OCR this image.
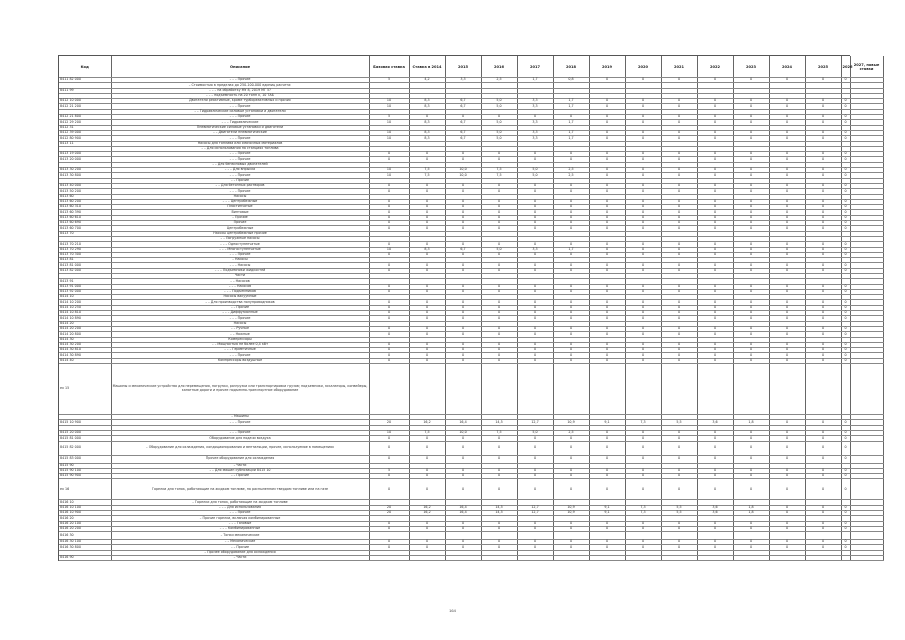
Код	Описание	Базовая ставка	Ставка в 2014	2015	2016	2017	2018	2019	2020	2021	2022	2023	2024	2025	2026	2027, новые ставки
8411 82 000	– – – Прочие	5	4,2	3,3	2,5	1,7	0,8	0	0	0	0	0	0	0	0	
	– Стоимостью в пределах до 250-100-000 единиц расчета:															
8411 99	– – – на обработку МУ 8, 2019 МГ 5?															
	– – – подъемность на 20 тонн к, 10 ТАБ															
8412 10 000	Двигатели реактивные, кроме турбореактивных и прочих	10	8,3	6,7	5,0	3,3	1,7	0	0	0	0	0	0	0	0	
8412 21 200	– – – Прочие	10	8,3	6,7	5,0	3,3	1,7	0	0	0	0	0	0	0	0	
	– – Гидравлические силовые установки и двигатели															
8412 21 800	– – – Прочие	5	0	0	0	0	0	0	0	0	0	0	0	0	0	
8412 29 200	– – – Гидравлические	10	8,3	6,7	5,0	3,3	1,7	0	0	0	0	0	0	0	0	
8412 31	Пневматические силовые установки и двигатели															
8412 39 000	– – Двигатели пневматические	10	8,3	6,7	5,0	3,3	1,7	0	0	0	0	0	0	0	0	
8412 80 900	– – – Прочие	10	8,3	6,7	5,0	3,3	1,7	0	0	0	0	0	0	0	0	
8413 11	Насосы для топлива или смазочных материалов															
	– – Для использования на станциях топлива															
8413 19 000	– – – Прочие	0	0	0	0	0	0	0	0	0	0	0	0	0	0	
8413 20 000	– – – Прочие	0	0	0	0	0	0	0	0	0	0	0	0	0	0	
	– – Для бензиновых двигателей															
8413 30 200	– – – Для впрыска	10	7,5	10,0	7,5	5,0	2,5	0	0	0	0	0	0	0	0	
8413 30 800	– – – Прочие	10	7,5	10,0	7,5	5,0	2,5	0	0	0	0	0	0	0	0	
	– – Прочие															
8413 40 000	– – Для бетонных растворов	0	0	0	0	0	0	0	0	0	0	0	0	0	0	
8413 50 200	– – – Прочие	0	0	0	0	0	0	0	0	0	0	0	0	0	0	
8413 60	Насосы															
8413 60 200	– – – Центробежные	0	0	0	0	0	0	0	0	0	0	0	0	0	0	
8413 60 310	Пластинчатые	0	0	0	0	0	0	0	0	0	0	0	0	0	0	
8413 60 390	Винтовые	0	0	0	0	0	0	0	0	0	0	0	0	0	0	
8413 60 610	– Прочие	0	0	0	0	0	0	0	0	0	0	0	0	0	0	
8413 60 690	Прочие	0	0	0	0	0	0	0	0	0	0	0	0	0	0	
8413 60 700	Центробежные	0	0	0	0	0	0	0	0	0	0	0	0	0	0	
8413 70	Насосы центробежные прочие															
	– – Погружные насосы															
8413 70 210	– – – Одноступенчатые	0	0	0	0	0	0	0	0	0	0	0	0	0	0	
8413 70 290	– – – Многоступенчатые	10	8,3	6,7	5,0	3,3	1,7	0	0	0	0	0	0	0	0	
8413 70 300	– – – Прочие	0	0	0	0	0	0	0	0	0	0	0	0	0	0	
8413 81	– Насосы															
8413 81 000	– – – Насосы	0	0	0	0	0	0	0	0	0	0	0	0	0	0	
8413 82 000	– – – Подъемники жидкостей	0	0	0	0	0	0	0	0	0	0	0	0	0	0	
	Части															
8413 91	– – Насосов															
8413 91 000	– – – Насосов	0	0	0	0	0	0	0	0	0	0	0	0	0	0	
8413 92 000	– – – Подъемников	0	0	0	0	0	0	0	0	0	0	0	0	0	0	
8414 10	Насосы вакуумные															
8414 10 200	– – Для производства полупроводников	0	0	0	0	0	0	0	0	0	0	0	0	0	0	
8414 10 250	– – Прочие	0	0	0	0	0	0	0	0	0	0	0	0	0	0	
8414 10 810	– – – Диффузионные	0	0	0	0	0	0	0	0	0	0	0	0	0	0	
8414 10 890	– – – Прочие	0	0	0	0	0	0	0	0	0	0	0	0	0	0	
8414 20	Насосы															
8414 20 200	– – Ручные	0	0	0	0	0	0	0	0	0	0	0	0	0	0	
8414 20 800	– – Ножные	0	0	0	0	0	0	0	0	0	0	0	0	0	0	
8414 30	Компрессоры															
8414 30 200	– – Мощностью не более 0,4 кВт	0	0	0	0	0	0	0	0	0	0	0	0	0	0	
8414 30 810	– – – Герметичные	0	0	0	0	0	0	0	0	0	0	0	0	0	0	
8414 30 890	– – – Прочие	0	0	0	0	0	0	0	0	0	0	0	0	0	0	
8414 40	Компрессоры воздушные	0	0	0	0	0	0	0	0	0	0	0	0	0	0	
ex 15	Машины и механические устройства для перемещения, погрузки, разгрузки или транспортировки грузов; подъемники, эскалаторы, конвейеры, канатные дороги и прочее подъемно-транспортное оборудование															
	– Машины															
8415 10 900	– – – Прочие	20	16,2	16,4	14,5	12,7	10,9	9,1	7,3	5,5	3,6	1,8	0	0	0	

8415 20 000	– – – Прочие	10	7,5	10,0	7,5	5,0	2,5	0	0	0	0	0	0	0	0	
8415 81 000	Оборудование для подачи воздуха	0	0	0	0	0	0	0	0	0	0	0	0	0	0	
8415 82 000	– Оборудование для охлаждения, кондиционирования и вентиляции, прочее, используемое в помещениях	0	0	0	0	0	0	0	0	0	0	0	0	0	0	
8415 83 000	Прочее оборудование для охлаждения	0	0	0	0	0	0	0	0	0	0	0	0	0	0	
8415 90	– Части															
8415 90 100	– – Для машин субпозиции 8415 10	5	0	0	0	0	0	0	0	0	0	0	0	0	0	
8415 90 900	– – Прочие	0	0	0	0	0	0	0	0	0	0	0	0	0	0	
ex 16	Горелки для топок, работающие на жидком топливе, на распыленном твердом топливе или на газе	0	0	0	0	0	0	0	0	0	0	0	0	0	0	
8416 10	– Горелки для топок, работающие на жидком топливе															
8416 10 100	– – – Для использования	20	16,2	16,4	14,5	12,7	10,9	9,1	7,3	5,5	3,6	1,8	0	0	0	
8416 10 900	– – – Прочие	20	16,2	16,4	14,5	12,7	10,9	9,1	7,3	5,5	3,6	1,8	0	0	0	
8416 20	– Прочие горелки, включая комбинированные															
8416 20 100	– – – Газовые	0	0	0	0	0	0	0	0	0	0	0	0	0	0	
8416 20 200	– – – Комбинированные	0	0	0	0	0	0	0	0	0	0	0	0	0	0	
8416 30	– Топки механические															
8416 30 100	– – Механические	0	0	0	0	0	0	0	0	0	0	0	0	0	0	
8416 30 800	– – Прочие	0	0	0	0	0	0	0	0	0	0	0	0	0	0	
	– Прочее оборудование для охлаждения															
8416 90	– Части															
164
